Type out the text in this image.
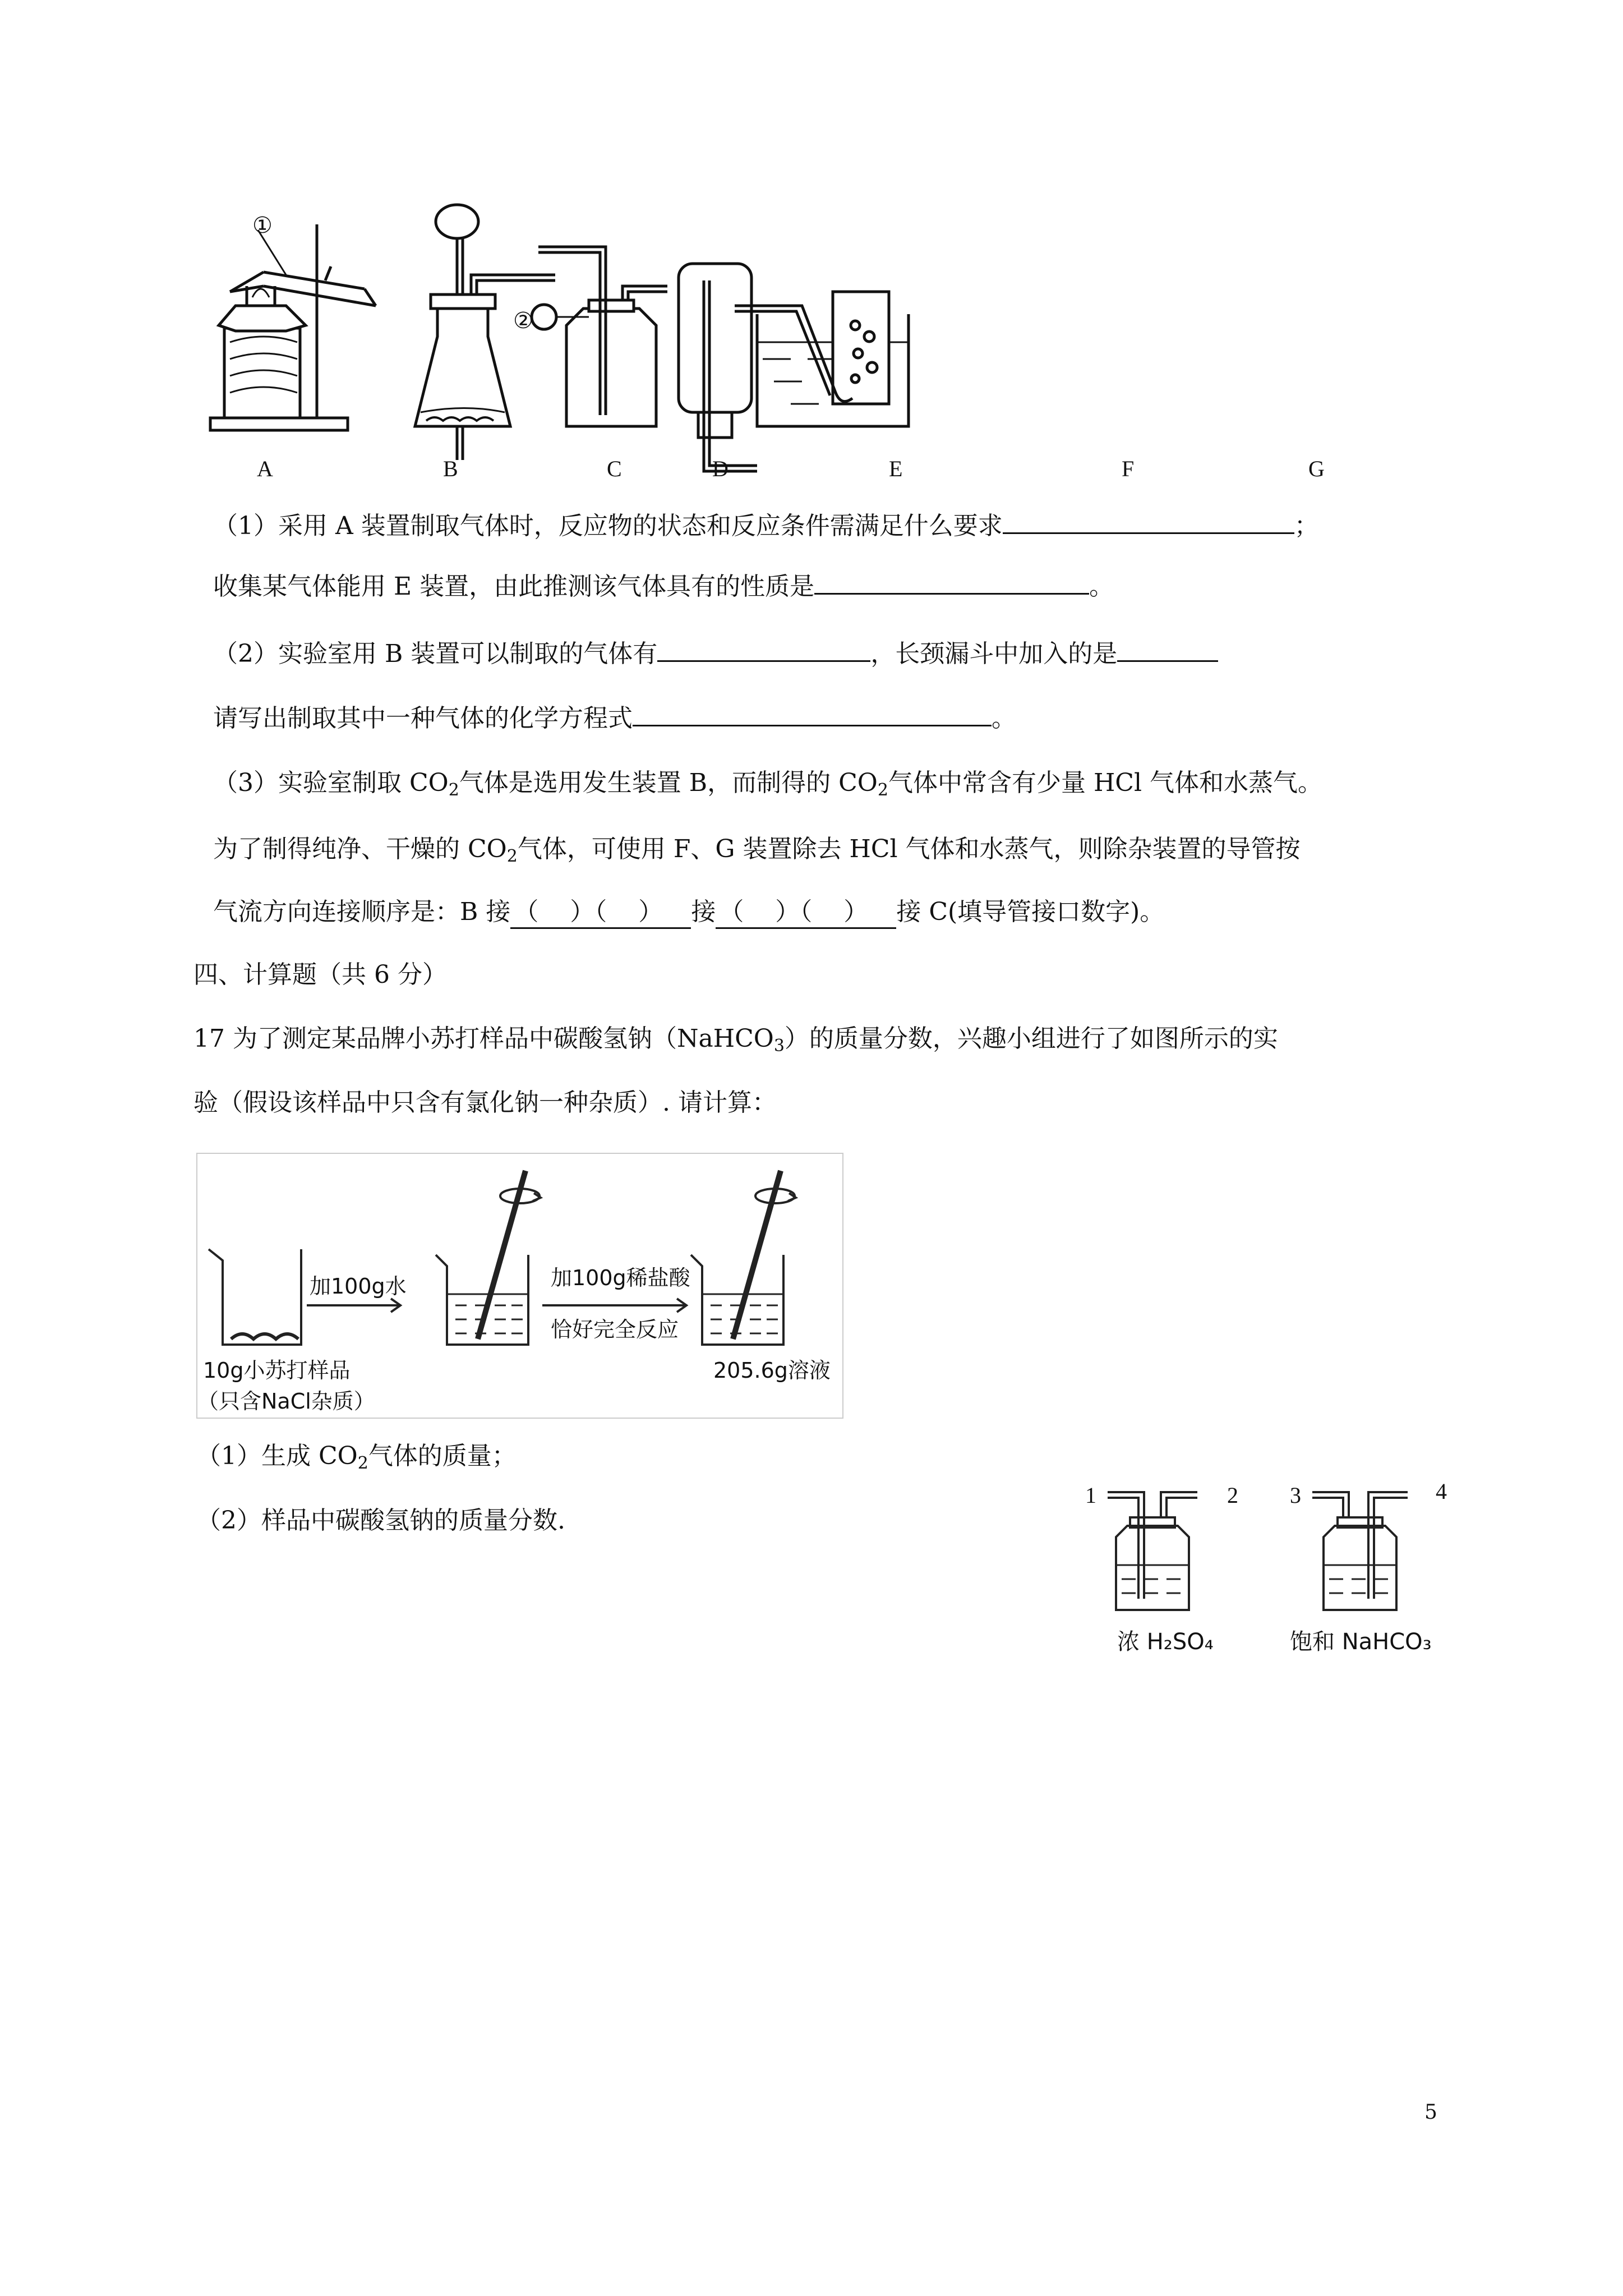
①
A	B	C	D	E	F	G
②
（1）采用 A 装置制取气体时，反应物的状态和反应条件需满足什么要求	；
收集某气体能用 E 装置，由此推测该气体具有的性质是	。
（2）实验室用 B 装置可以制取的气体有	，长颈漏斗中加入的是
请写出制取其中一种气体的化学方程式	。
（3）实验室制取 $CO_2$气体是选用发生装置 B，而制得的 $CO_2$气体中常含有少量 HCl 气体和水蒸气。
为了制得纯净、干燥的 $CO_2$气体，可使用 F、G 装置除去 HCl 气体和水蒸气，则除杂装置的导管按
气流方向连接顺序是：B 接 （    ）（    ） 接 （    ）（    ） 接 C(填导管接口数字)。
四、计算题（共 6 分）
17 为了测定某品牌小苏打样品中碳酸氢钠（NaHCO$_3$）的质量分数，兴趣小组进行了如图所示的实
验（假设该样品中只含有氯化钠一种杂质）. 请计算：
加100g水	加100g稀盐酸
恰好完全反应
10g小苏打样品
（只含NaCl杂质）
205.6g溶液
（1）生成 $CO_2$气体的质量；
（2）样品中碳酸氢钠的质量分数.
1	2 3	4
浓 H₂SO₄	饱和 NaHCO₃
5
